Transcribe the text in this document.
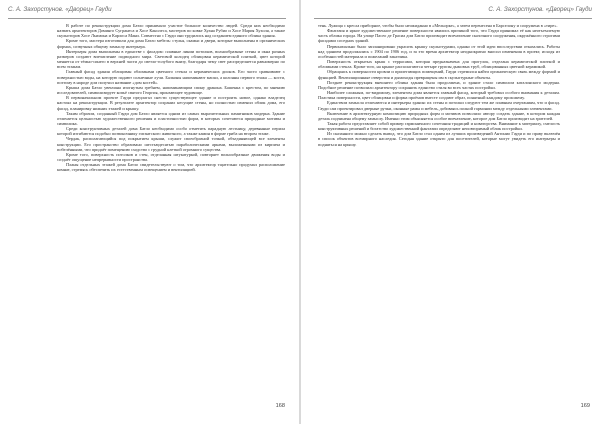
С. А. Захорстунов. «Дворец» Гауди

В работе по реконструкции дома Батло принимало участие большое количество людей. Среди них необходимо назвать архитекторов Доминго Сугранеса и Хосе Канолеса, мастеров по ковке Хуана Рубио и Хосе Мария Хухоля, а также скульпторов Хосе Льимона и Карлоса Мани. Совместно с Гауди они трудились над созданием единого облика здания.

Кроме того, мастера изготовили для дома Батло мебель: стулья, скамьи и двери, которые выполнены в органических формах, созвучных общему замыслу интерьера.

Интерьеры дома выполнены в единстве с фасадом: плавные линии потолков, волнообразные стены и окна разных размеров создают впечатление подводного мира. Световой колодец облицован керамической плиткой, цвет которой меняется от тёмно-синего в верхней части до светло-голубого внизу, благодаря чему свет распределяется равномерно по всем этажам.

Главный фасад здания облицован обломками цветного стекла и керамических дисков. Его часто сравнивают с поверхностью воды, на которую падают солнечные лучи. Балконы напоминают маски, а колонны первого этажа — кости, поэтому в народе дом получил название «дом костей».

Крыша дома Батло увенчана изогнутым гребнем, напоминающим спину дракона. Башенка с крестом, по мнению исследователей, символизирует копьё святого Георгия, пронзающее чудовище.

В первоначальном проекте Гауди предлагал снести существующее здание и построить новое, однако владелец настоял на реконструкции. В результате архитектор сохранил несущие стены, но полностью изменил облик дома, его фасад, планировку нижних этажей и крышу.

Таким образом, созданный Гауди дом Батло является одним из самых выразительных памятников модерна. Здание отличается цельностью художественного решения и пластичностью форм, в которых сочетаются природные мотивы и символика.

Среди конструктивных деталей дома Батло необходимо особо отметить парадную лестницу, деревянные перила которой изгибаются подобно позвоночнику гигантского животного, а также камин в форме гриба на втором этаже.

Чердак, располагающийся под покрытием крыши, служит своеобразной точкой, объединяющей все элементы конструкции. Его пространство образовано шестьюдесятью параболическими арками, выложенными из кирпича и побелёнными, что придаёт помещению сходство с грудной клеткой огромного существа.

Кроме того, поверхность потолков и стен, отделанная штукатуркой, повторяет волнообразные движения воды и создаёт ощущение непрерывности пространства.

Планы отдельных этажей дома Батло свидетельствуют о том, что архитектор тщательно продумал расположение комнат, стремясь обеспечить их естественным освещением и вентиляцией.

168
С. А. Захорстунов. «Дворец» Гауди

тень. Лужица с кресла приборное, чтобы было неожиданно в «Мельорке», а затем перенесена в Барселону и сооружена в «тире».

Фантазия и яркое художественное решение поверхности явились причиной того, что Гауди принимал её как неотъемлемую часть облика города. На улице Пасео де Грасиа дом Батло производит впечатление сказочного сооружения, окружённого строгими фасадами соседних зданий.

Первоначально было запланировано украсить крышу скульптурами, однако от этой идеи впоследствии отказались. Работы над зданием продолжались с 1904 по 1906 год, и за это время архитектор неоднократно вносил изменения в проект, исходя из особенностей материала и пожеланий заказчика.

Поверхность открытых крыш с террасами, которая предназначена для прогулок, отделана керамической плиткой и обломками стекла. Кроме того, на крыше располагаются четыре группы дымовых труб, облицованных цветной керамикой.

Обращаясь к поверхности кровли и прилегающих помещений, Гауди стремился найти органическую связь между формой и функцией. Вентиляционные отверстия и дымоходы превращены им в скульптурные объекты.

Позднее реконструкция внешнего облика здания была продолжена, и здание стало символом каталонского модерна. Подобное решение позволило архитектору сохранить единство стиля во всех частях постройки.

Наиболее сложным, по-видимому, элементом дома является главный фасад, который требовал особого внимания к деталям. Пластика поверхности, цвет облицовки и форма проёмов вместе создают образ, понятный каждому прохожему.

Единством замысла отличаются и интерьеры здания: их стены и потолки следуют тем же плавным очертаниям, что и фасад. Гауди сам проектировал дверные ручки, оконные рамы и мебель, добиваясь полной гармонии между отдельными элементами.

Включение в архитектурную композицию природных форм и мотивов позволило автору создать здание, в котором каждая деталь подчинена общему замыслу. Именно этим объясняется особое впечатление, которое дом Батло производит на зрителей.

Такая работа представляет собой пример гармоничного сочетания традиций и новаторства. Внимание к материалу, смелость конструктивных решений и богатство художественной фантазии определяют неповторимый облик постройки.

Из сказанного можно сделать вывод, что дом Батло стал одним из лучших произведений Антонио Гауди и по праву включён в список объектов всемирного наследия. Сегодня здание открыто для посетителей, которые могут увидеть его интерьеры и подняться на крышу.

169
